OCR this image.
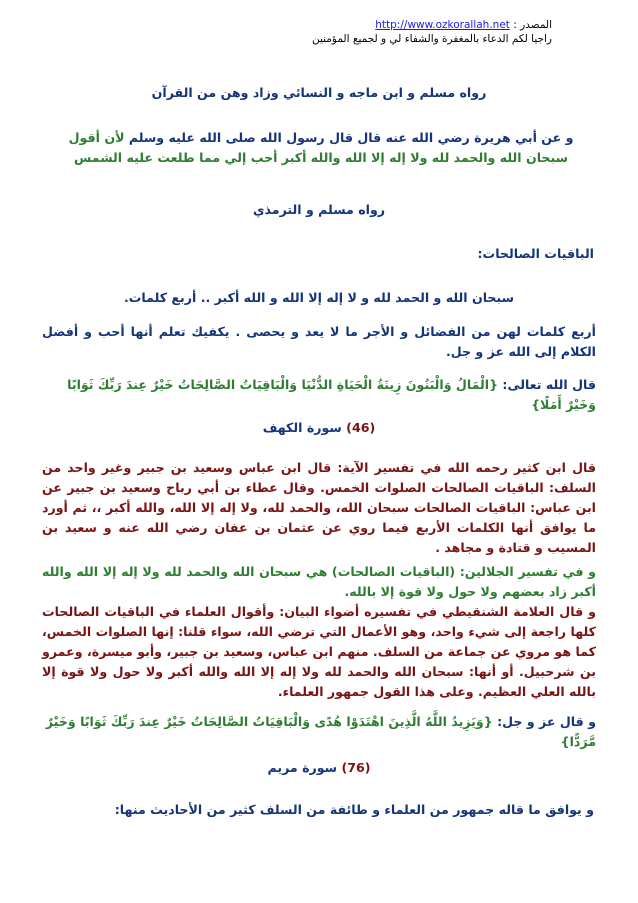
المصدر : http://www.ozkorallah.net
راجيا لكم الدعاء بالمغفرة والشفاء لي و لجميع المؤمنين
رواه مسلم و ابن ماجه و النسائي وزاد وهن من القرآن
و عن أبي هريرة رضي الله عنه قال قال رسول الله صلى الله عليه وسلم لأن أقول سبحان الله والحمد لله ولا إله إلا الله والله أكبر أحب إلي مما طلعت عليه الشمس
رواه مسلم و الترمذي
الباقيات الصالحات:
سبحان الله و الحمد لله و لا إله إلا الله و الله أكبر .. أربع كلمات.
أربع كلمات لهن من الفضائل و الأجر ما لا يعد و يحصى . يكفيك تعلم أنها أحب و أفضل الكلام إلى الله عز و جل.
قال الله تعالى: {الْمَالُ وَالْبَنُونَ زِينَةُ الْحَيَاةِ الدُّنْيَا وَالْبَاقِيَاتُ الصَّالِحَاتُ خَيْرٌ عِندَ رَبِّكَ ثَوَابًا وَخَيْرٌ أَمَلًا}
(46) سورة الكهف
قال ابن كثير رحمه الله في تفسير الآية: قال ابن عباس وسعيد بن جبير وغير واحد من السلف: الباقيات الصالحات الصلوات الخمس. وقال عطاء بن أبي رباح وسعيد بن جبير عن ابن عباس: الباقيات الصالحات سبحان الله، والحمد لله، ولا إله إلا الله، والله أكبر ،، ثم أورد ما يوافق أنها الكلمات الأربع فيما روي عن عثمان بن عفان رضي الله عنه و سعيد بن المسيب و قتادة و مجاهد .
و في تفسير الجلالين: (الباقيات الصالحات) هي سبحان الله والحمد لله ولا إله إلا الله والله أكبر زاد بعضهم ولا حول ولا قوة إلا بالله.
و قال العلامة الشنقيطي في تفسيره أضواء البيان: وأقوال العلماء في الباقيات الصالحات كلها راجعة إلى شيء واحد، وهو الأعمال التي ترضي الله، سواء قلنا: إنها الصلوات الخمس، كما هو مروي عن جماعة من السلف. منهم ابن عباس، وسعيد بن جبير، وأبو ميسرة، وعمرو بن شرحبيل. أو أنها: سبحان الله والحمد لله ولا إله إلا الله والله أكبر ولا حول ولا قوة إلا بالله العلي العظيم. وعلى هذا القول جمهور العلماء.
و قال عز و جل: {وَيَزِيدُ اللَّهُ الَّذِينَ اهْتَدَوْا هُدًى وَالْبَاقِيَاتُ الصَّالِحَاتُ خَيْرٌ عِندَ رَبِّكَ ثَوَابًا وَخَيْرٌ مَّرَدًّا}
(76) سورة مريم
و يوافق ما قاله جمهور من العلماء و طائفة من السلف كثير من الأحاديث منها:
